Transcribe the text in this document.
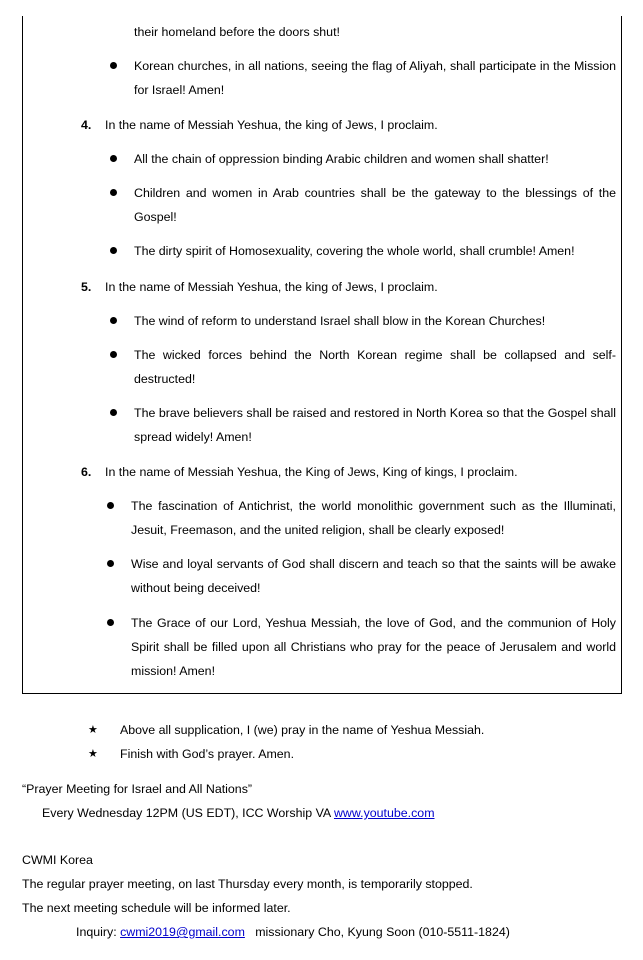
their homeland before the doors shut!
Korean churches, in all nations, seeing the flag of Aliyah, shall participate in the Mission for Israel! Amen!
4. In the name of Messiah Yeshua, the king of Jews, I proclaim.
All the chain of oppression binding Arabic children and women shall shatter!
Children and women in Arab countries shall be the gateway to the blessings of the Gospel!
The dirty spirit of Homosexuality, covering the whole world, shall crumble! Amen!
5. In the name of Messiah Yeshua, the king of Jews, I proclaim.
The wind of reform to understand Israel shall blow in the Korean Churches!
The wicked forces behind the North Korean regime shall be collapsed and self-destructed!
The brave believers shall be raised and restored in North Korea so that the Gospel shall spread widely! Amen!
6. In the name of Messiah Yeshua, the King of Jews, King of kings, I proclaim.
The fascination of Antichrist, the world monolithic government such as the Illuminati, Jesuit, Freemason, and the united religion, shall be clearly exposed!
Wise and loyal servants of God shall discern and teach so that the saints will be awake without being deceived!
The Grace of our Lord, Yeshua Messiah, the love of God, and the communion of Holy Spirit shall be filled upon all Christians who pray for the peace of Jerusalem and world mission! Amen!
★ Above all supplication, I (we) pray in the name of Yeshua Messiah.
★ Finish with God’s prayer. Amen.
“Prayer Meeting for Israel and All Nations”
Every Wednesday 12PM (US EDT), ICC Worship VA www.youtube.com
CWMI Korea
The regular prayer meeting, on last Thursday every month, is temporarily stopped.
The next meeting schedule will be informed later.
Inquiry: cwmi2019@gmail.com   missionary Cho, Kyung Soon (010-5511-1824)
